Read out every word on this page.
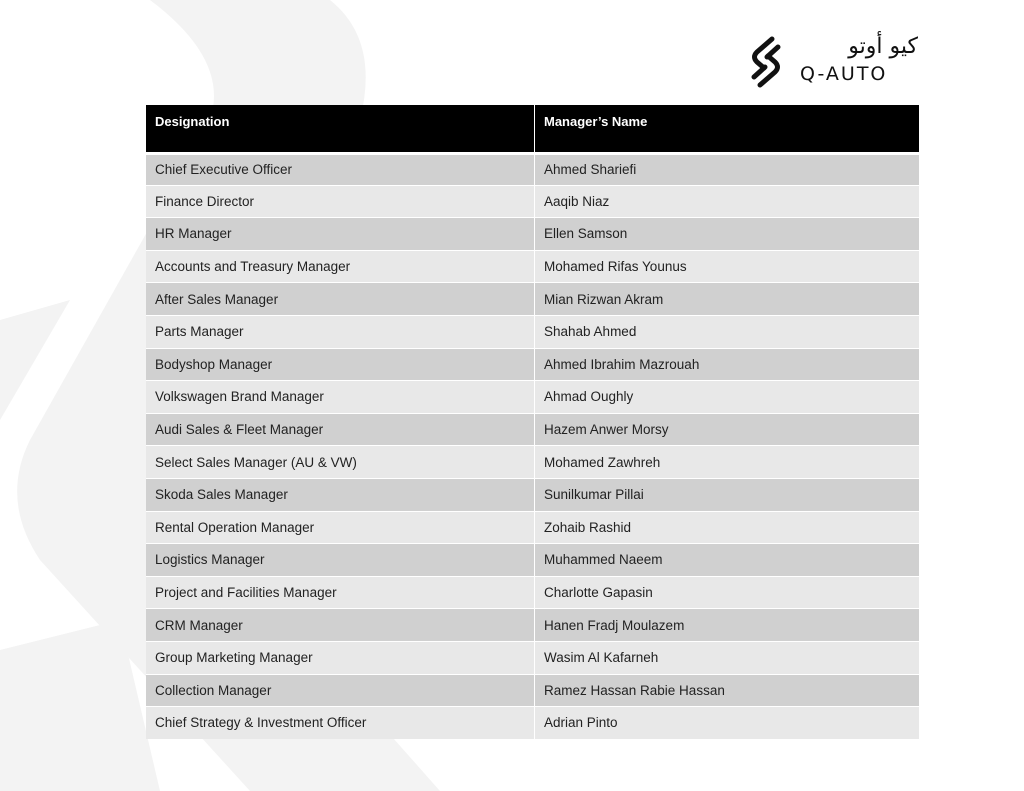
كيو أوتو
Q-AUTO
Designation	Manager’s Name
Chief Executive Officer	Ahmed Shariefi
Finance Director	Aaqib Niaz
HR Manager	Ellen Samson
Accounts and Treasury Manager	Mohamed Rifas Younus
After Sales Manager	Mian Rizwan Akram
Parts Manager	Shahab Ahmed
Bodyshop Manager	Ahmed Ibrahim Mazrouah
Volkswagen Brand Manager	Ahmad Oughly
Audi Sales & Fleet Manager	Hazem Anwer Morsy
Select Sales Manager (AU & VW)	Mohamed Zawhreh
Skoda Sales Manager	Sunilkumar Pillai
Rental Operation Manager	Zohaib Rashid
Logistics Manager	Muhammed Naeem
Project and Facilities Manager	Charlotte Gapasin
CRM Manager	Hanen Fradj Moulazem
Group Marketing Manager	Wasim Al Kafarneh
Collection Manager	Ramez Hassan Rabie Hassan
Chief Strategy & Investment Officer	Adrian Pinto
